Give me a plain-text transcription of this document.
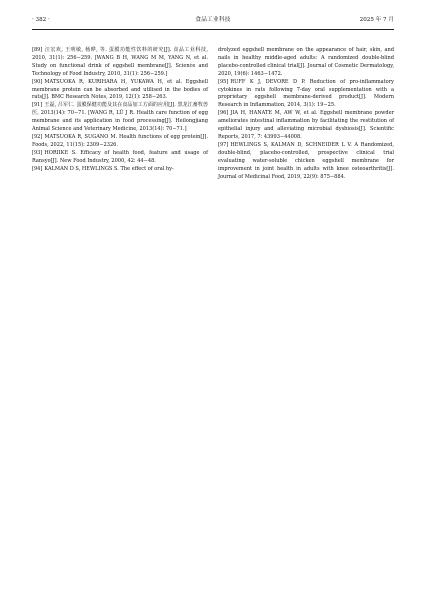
· 382 ·	食品工业科技	2025 年 7 月
[89] 汪宏欢, 王明敏, 杨晔, 等. 蛋膜功能性饮料的研究[J]. 食品工业科技, 2010, 31(1): 256−259. [WANG B H, WANG M M, YANG N, et al. Study on functional drink of eggshell membrane[J]. Science and Technology of Food Industry, 2010, 31(1): 256−259.]
[90] MATSUOKA R, KURIHARA H, YUKAWA H, et al. Eggshell membrane protein can be absorbed and utilised in the bodies of rats[J]. BMC Research Notes, 2019, 12(1): 258−263.
[91] 王磊, 吕军仁. 蛋膜保健功能及其在食品加工方面的应用[J]. 黑龙江畜牧兽医, 2013(14): 70−71. [WANG R, LÜ J R. Health care function of egg membrane and its application in food processing[J]. Heilongjiang Animal Science and Veterinary Medicine, 2013(14): 70−71.]
[92] MATSUOKA R, SUGANO M. Health functions of egg protein[J]. Foods, 2022, 11(15): 2309−2326.
[93] HORIIKE S. Efficacy of health food, feature and usage of Ransyo[J]. New Food Industry, 2000, 42: 44−48.
[94] KALMAN D S, HEWLINGS S. The effect of oral hy-
drolyzed eggshell membrane on the appearance of hair, skin, and nails in healthy middle-aged adults: A randomized double-blind placebo-controlled clinical trial[J]. Journal of Cosmetic Dermatology, 2020, 19(6): 1463−1472.
[95] RUFF K J, DEVORE D P. Reduction of pro-inflammatory cytokines in rats following 7-day oral supplementation with a proprietary eggshell membrane-derived product[J]. Modern Research in Inflammation, 2014, 3(1): 19−25.
[96] JIA H, HANATE M, AW W, et al. Eggshell membrane powder ameliorates intestinal inflammation by facilitating the restitution of epithelial injury and alleviating microbial dysbiosis[J]. Scientific Reports, 2017, 7: 43993−44008.
[97] HEWLINGS S, KALMAN D, SCHNEIDER L V. A Randomized, double-blind, placebo-controlled, prospective clinical trial evaluating water-soluble chicken eggshell membrane for improvement in joint health in adults with knee osteoarthritis[J]. Journal of Medicinal Food, 2019, 22(9): 875−884.
